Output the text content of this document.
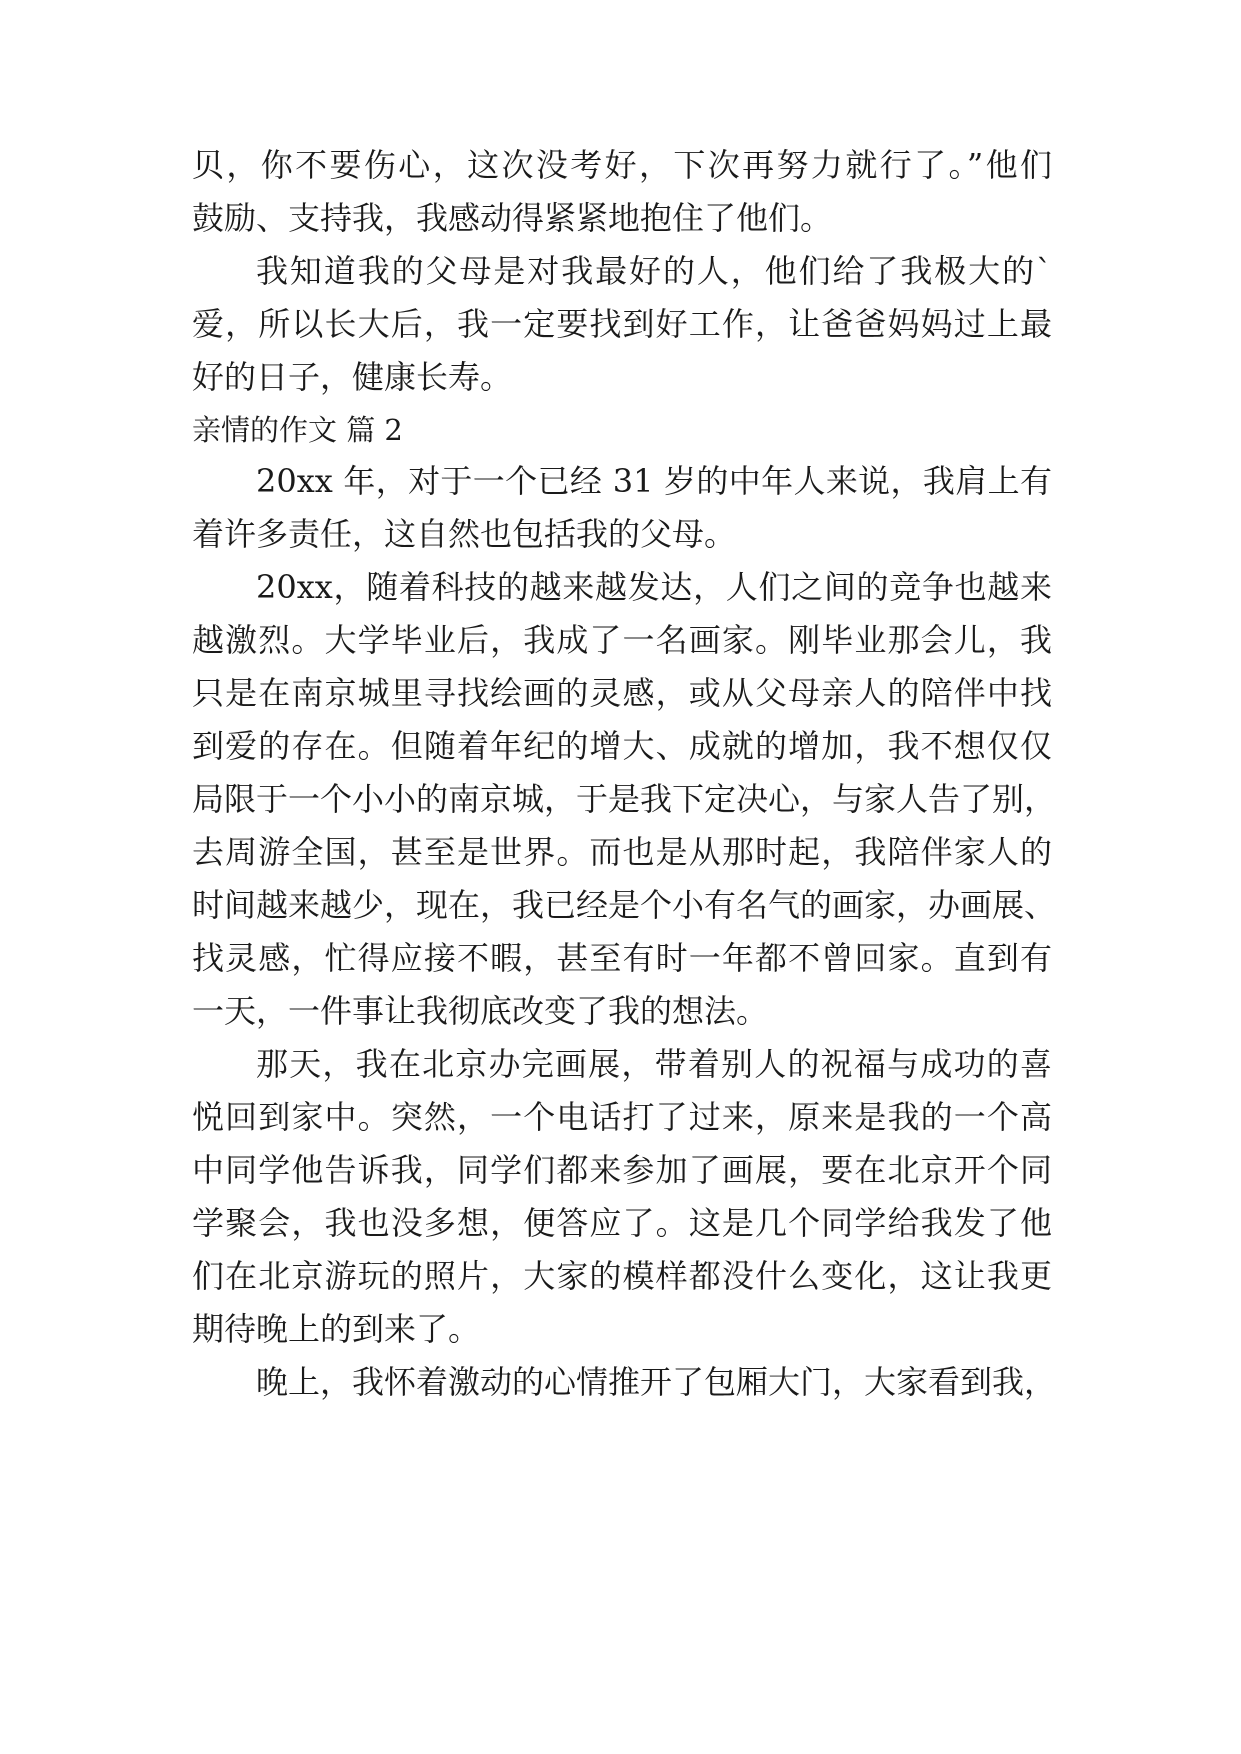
贝，你不要伤心，这次没考好，下次再努力就行了。”他们
鼓励、支持我，我感动得紧紧地抱住了他们。
我知道我的父母是对我最好的人，他们给了我极大的`
爱，所以长大后，我一定要找到好工作，让爸爸妈妈过上最
好的日子，健康长寿。
亲情的作文 篇 2
20xx 年，对于一个已经 31 岁的中年人来说，我肩上有
着许多责任，这自然也包括我的父母。
20xx，随着科技的越来越发达，人们之间的竞争也越来
越激烈。大学毕业后，我成了一名画家。刚毕业那会儿，我
只是在南京城里寻找绘画的灵感，或从父母亲人的陪伴中找
到爱的存在。但随着年纪的增大、成就的增加，我不想仅仅
局限于一个小小的南京城，于是我下定决心，与家人告了别，
去周游全国，甚至是世界。而也是从那时起，我陪伴家人的
时间越来越少，现在，我已经是个小有名气的画家，办画展、
找灵感，忙得应接不暇，甚至有时一年都不曾回家。直到有
一天，一件事让我彻底改变了我的想法。
那天，我在北京办完画展，带着别人的祝福与成功的喜
悦回到家中。突然，一个电话打了过来，原来是我的一个高
中同学他告诉我，同学们都来参加了画展，要在北京开个同
学聚会，我也没多想，便答应了。这是几个同学给我发了他
们在北京游玩的照片，大家的模样都没什么变化，这让我更
期待晚上的到来了。
晚上，我怀着激动的心情推开了包厢大门，大家看到我，
